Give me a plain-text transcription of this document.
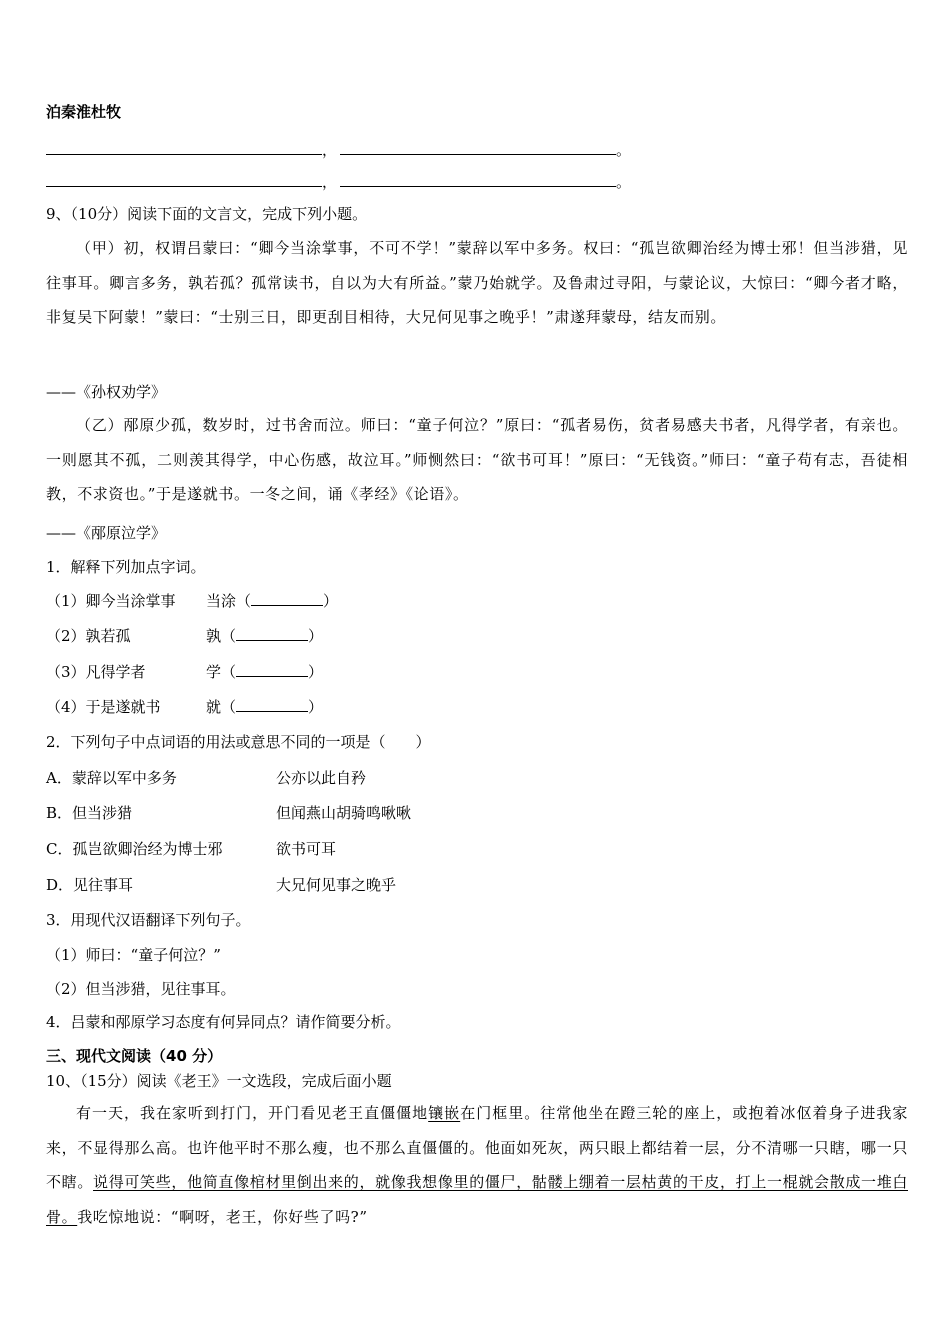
泊秦淮杜牧
，	。
，	。
9、（10分）阅读下面的文言文，完成下列小题。
（甲）初，权谓吕蒙曰：“卿今当涂掌事，不可不学！”蒙辞以军中多务。权曰：“孤岂欲卿治经为博士邪！但当涉猎，见往事耳。卿言多务，孰若孤？孤常读书，自以为大有所益。”蒙乃始就学。及鲁肃过寻阳，与蒙论议，大惊曰：“卿今者才略，非复吴下阿蒙！”蒙曰：“士别三日，即更刮目相待，大兄何见事之晚乎！”肃遂拜蒙母，结友而别。
——《孙权劝学》
（乙）邴原少孤，数岁时，过书舍而泣。师曰：“童子何泣？”原曰：“孤者易伤，贫者易感夫书者，凡得学者，有亲也。一则愿其不孤，二则羡其得学，中心伤感，故泣耳。”师恻然曰：“欲书可耳！”原曰：“无钱资。”师曰：“童子苟有志，吾徒相教，不求资也。”于是遂就书。一冬之间，诵《孝经》《论语》。
——《邴原泣学》
1．解释下列加点字词。
（1）卿今当涂掌事 当涂（	）
（2）孰若孤	孰（	）
（3）凡得学者	学（	）
（4）于是遂就书	就（	）
2．下列句子中点词语的用法或意思不同的一项是（　　）
A．蒙辞以军中多务	公亦以此自矜
B．但当涉猎	但闻燕山胡骑鸣啾啾
C．孤岂欲卿治经为博士邪	欲书可耳
D．见往事耳	大兄何见事之晚乎
3．用现代汉语翻译下列句子。
（1）师曰：“童子何泣？”
（2）但当涉猎，见往事耳。
4．吕蒙和邴原学习态度有何异同点？请作简要分析。
三、现代文阅读（40 分）
10、（15分）阅读《老王》一文选段，完成后面小题
有一天，我在家听到打门，开门看见老王直僵僵地镶嵌在门框里。往常他坐在蹬三轮的座上，或抱着冰伛着身子进我家来，不显得那么高。也许他平时不那么瘦，也不那么直僵僵的。他面如死灰，两只眼上都结着一层，分不清哪一只瞎，哪一只不瞎。说得可笑些，他简直像棺材里倒出来的，就像我想像里的僵尸，骷髅上绷着一层枯黄的干皮，打上一棍就会散成一堆白骨。我吃惊地说：“啊呀，老王，你好些了吗?”
